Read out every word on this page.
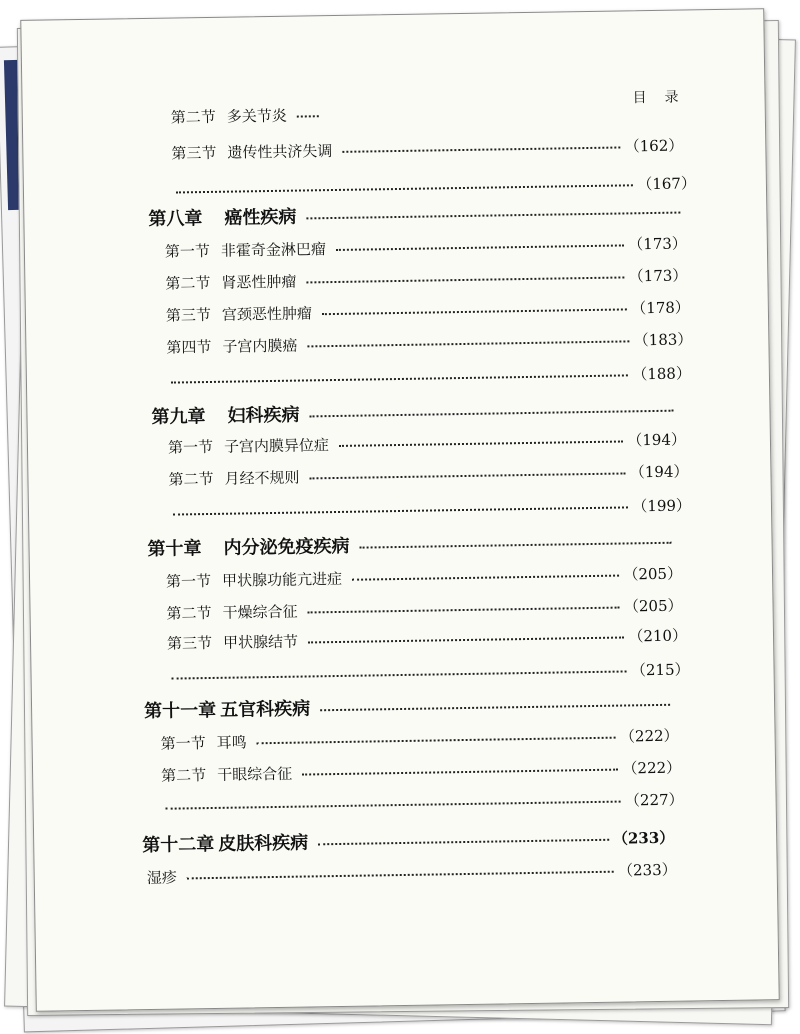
目录
第二节 多关节炎
第三节 遗传性共济失调	（162）
（167）
第八章 癌性疾病
第一节 非霍奇金淋巴瘤	（173）
第二节 肾恶性肿瘤	（173）
第三节 宫颈恶性肿瘤	（178）
第四节 子宫内膜癌	（183）
（188）
第九章 妇科疾病
第一节 子宫内膜异位症	（194）
第二节 月经不规则	（194）
（199）
第十章 内分泌免疫疾病
第一节 甲状腺功能亢进症	（205）
第二节 干燥综合征	（205）
第三节 甲状腺结节	（210）
（215）
第十一章 五官科疾病
第一节 耳鸣	（222）
第二节 干眼综合征	（222）
（227）
第十二章 皮肤科疾病	（233）
湿疹	（233）
